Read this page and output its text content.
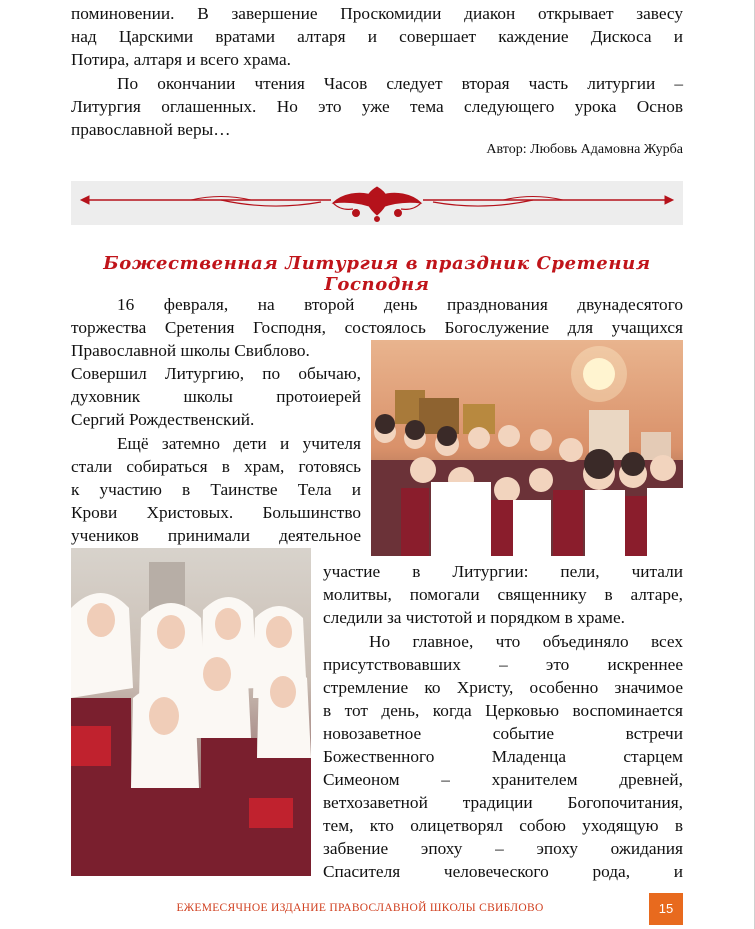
поминовении. В завершение Проскомидии диакон открывает завесу

над Царскими вратами алтаря и совершает каждение Дискоса и

Потира, алтаря и всего храма.

По окончании чтения Часов следует вторая часть литургии –

Литургия оглашенных. Но это уже тема следующего урока Основ

православной веры…

Автор: Любовь Адамовна Журба
Божественная Литургия в праздник Сретения Господня

16 февраля, на второй день празднования двунадесятого

торжества Сретения Господня, состоялось Богослужение для учащихся

Православной школы Свиблово.

Совершил Литургию, по обычаю,

духовник школы протоиерей

Сергий Рождественский.

Ещё затемно дети и учителя

стали собираться в храм, готовясь

к участию в Таинстве Тела и

Крови Христовых. Большинство

учеников принимали деятельное

участие в Литургии: пели, читали

молитвы, помогали священнику в алтаре,

следили за чистотой и порядком в храме.

Но главное, что объединяло всех

присутствовавших – это искреннее

стремление ко Христу, особенно значимое

в тот день, когда Церковью воспоминается

новозаветное событие встречи

Божественного Младенца старцем

Симеоном – хранителем древней,

ветхозаветной традиции Богопочитания,

тем, кто олицетворял собою уходящую в

забвение эпоху – эпоху ожидания

Спасителя человеческого рода, и

ЕЖЕМЕСЯЧНОЕ ИЗДАНИЕ ПРАВОСЛАВНОЙ ШКОЛЫ СВИБЛОВО	15
